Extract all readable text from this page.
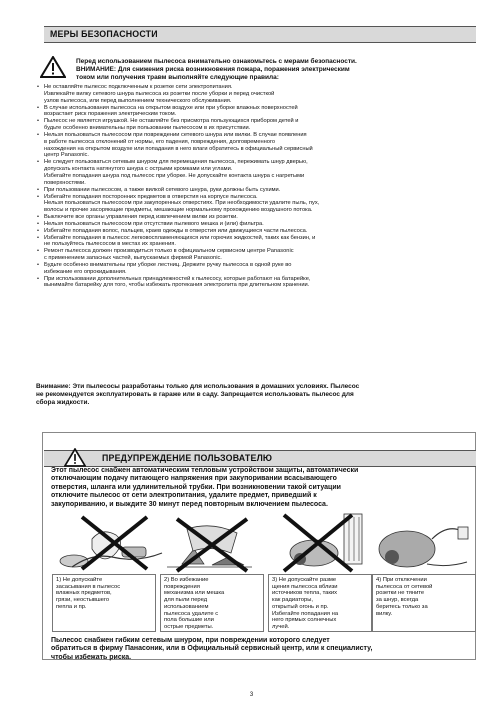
МЕРЫ БЕЗОПАСНОСТИ
Перед использованием пылесоса внимательно ознакомьтесь с мерами безопасности.
ВНИМАНИЕ: Для снижения риска возникновения пожара, поражения электрическим
током или получения травм выполняйте следующие правила:
• Не оставляйте пылесос подключенным к розетке сети электропитания.
Извлекайте вилку сетевого шнура пылесоса из розетки после уборки и перед очисткой
узлов пылесоса, или перед выполнением технического обслуживания.
• В случае использования пылесоса на открытом воздухе или при уборке влажных поверхностей
возрастает риск поражения электрическим током.
• Пылесос не является игрушкой. Не оставляйте без присмотра пользующихся прибором детей и
будьте особенно внимательны при пользовании пылесосом в их присутствии.
• Нельзя пользоваться пылесосом при повреждении сетевого шнура или вилки. В случае появления
в работе пылесоса отклонений от нормы, его падения, повреждения, долговременного
нахождения на открытом воздухе или попадания в него влаги обратитесь в официальный сервисный
центр Panasonic.
• Не следует пользоваться сетевым шнуром для перемещения пылесоса, пережимать шнур дверью,
допускать контакта натянутого шнура с острыми кромками или углами.
Избегайте попадания шнура под пылесос при уборке. Не допускайте контакта шнура с нагретыми
поверхностями.
• При пользовании пылесосом, а также вилкой сетевого шнура, руки должны быть сухими.
• Избегайте попадания посторонних предметов в отверстия на корпусе пылесоса.
Нельзя пользоваться пылесосом при закупоренных отверстиях. При необходимости удалите пыль, пух,
волосы и прочие засоряющие предметы, мешающие нормальному прохождению воздушного потока.
• Выключите все органы управления перед извлечением вилки из розетки.
• Нельзя пользоваться пылесосом при отсутствии пылевого мешка и (или) фильтра.
• Избегайте попадания волос, пальцев, краев одежды в отверстия или движущиеся части пылесоса.
• Избегайте попадания в пылесос легковоспламеняющихся или горючих жидкостей, таких как бензин, и
не пользуйтесь пылесосом в местах их хранения.
• Ремонт пылесоса должен производиться только в официальном сервисном центре Panasonic
с применением запасных частей, выпускаемых фирмой Panasonic.
• Будьте особенно внимательны при уборке лестниц. Держите ручку пылесоса в одной руке во
избежание его опрокидывания.
• При использовании дополнительных принадлежностей к пылесосу, которые работают на батарейке,
вынимайте батарейку для того, чтобы избежать протекания электролита при длительном хранении.
Внимание: Эти пылесосы разработаны только для использования в домашних условиях. Пылесос
не рекомендуется эксплуатировать в гараже или в саду. Запрещается использовать пылесос для
сбора жидкости.
ПРЕДУПРЕЖДЕНИЕ ПОЛЬЗОВАТЕЛЮ
Этот пылесос снабжен автоматическим тепловым устройством защиты, автоматически
отключающим подачу питающего напряжения при закупоривании всасывающего
отверстия, шланга или удлинительной трубки. При возникновении такой ситуации
отключите пылесос от сети электропитания, удалите предмет, приведший к
закупориванию, и выждите 30 минут перед повторным включением пылесоса.
1) Не допускайте
засасывания в пылесос
влажных предметов,
грязи, неостывшего
пепла и пр.
2) Во избежание
повреждения
механизма или мешка
для пыли перед
использованием
пылесоса удалите с
пола большие или
острые предметы.
3) Не допускайте разме
щения пылесоса вблизи
источников тепла, таких
как радиаторы,
открытый огонь и пр.
Избегайте попадания на
него прямых солнечных
лучей.
4) При отключении
пылесоса от сетевой
розетки не тяните
за шнур, всегда
беритесь только за
вилку.
Пылесос снабжен гибким сетевым шнуром, при повреждении которого следует
обратиться в фирму Панасоник, или в Официальный сервисный центр, или к специалисту,
чтобы избежать риска.
3
